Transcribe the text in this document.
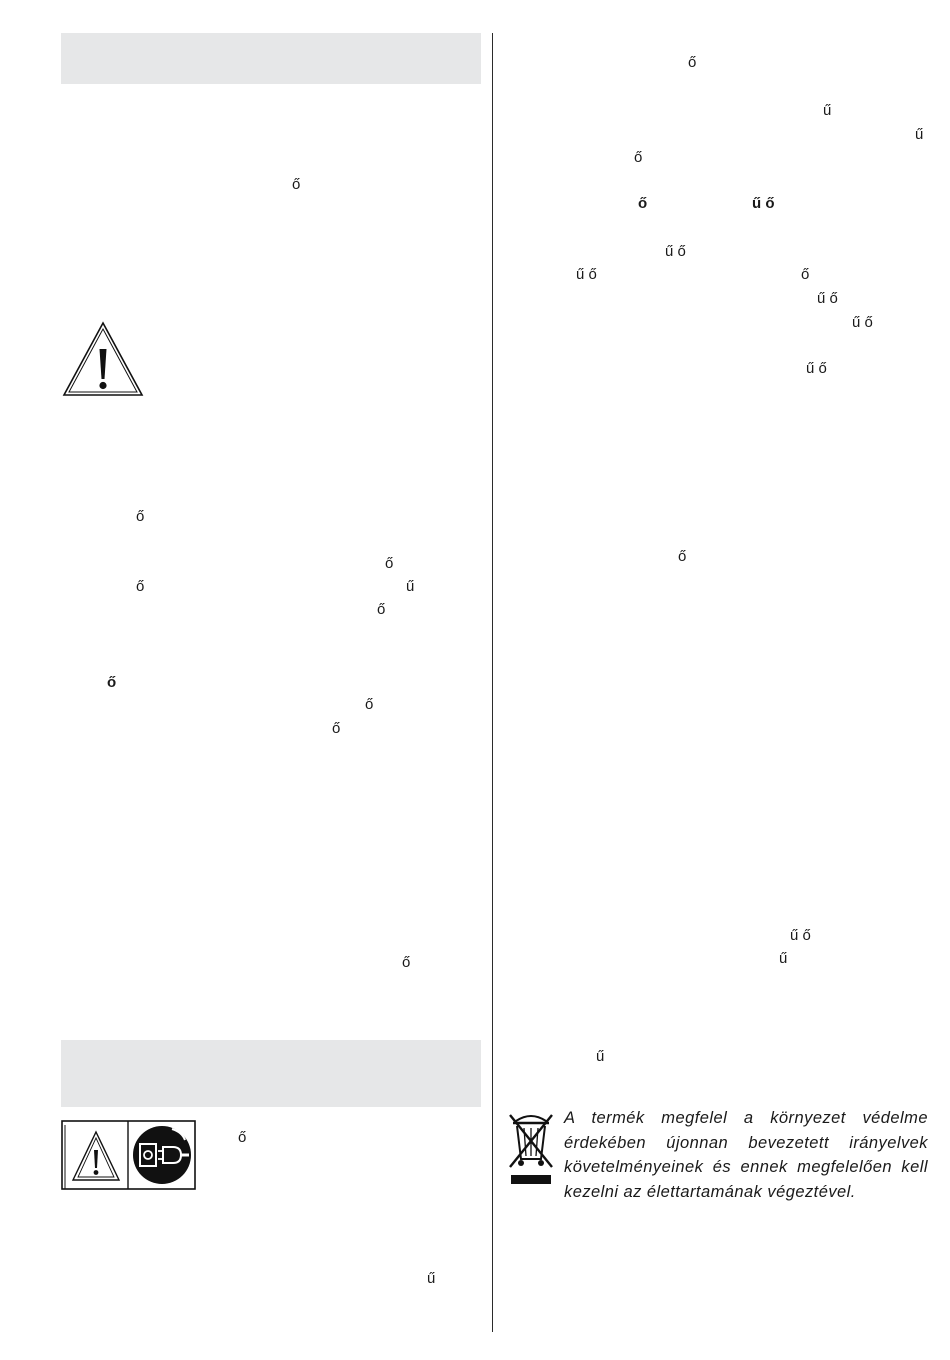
ő
ő
ő
ő	ű
ő
ő
ő
ő
ő
ő
ű
ő
ű
ű
ő
ő	ű ő
ű ő
ű ő	ő
ű ő
ű ő
ű ő
ő
ű ő
ű
ű
A termék megfelel a környezet védelme érdekében újonnan bevezetett irányelvek követelményeinek és ennek megfelelően kell kezelni az élettartamának végeztével.
